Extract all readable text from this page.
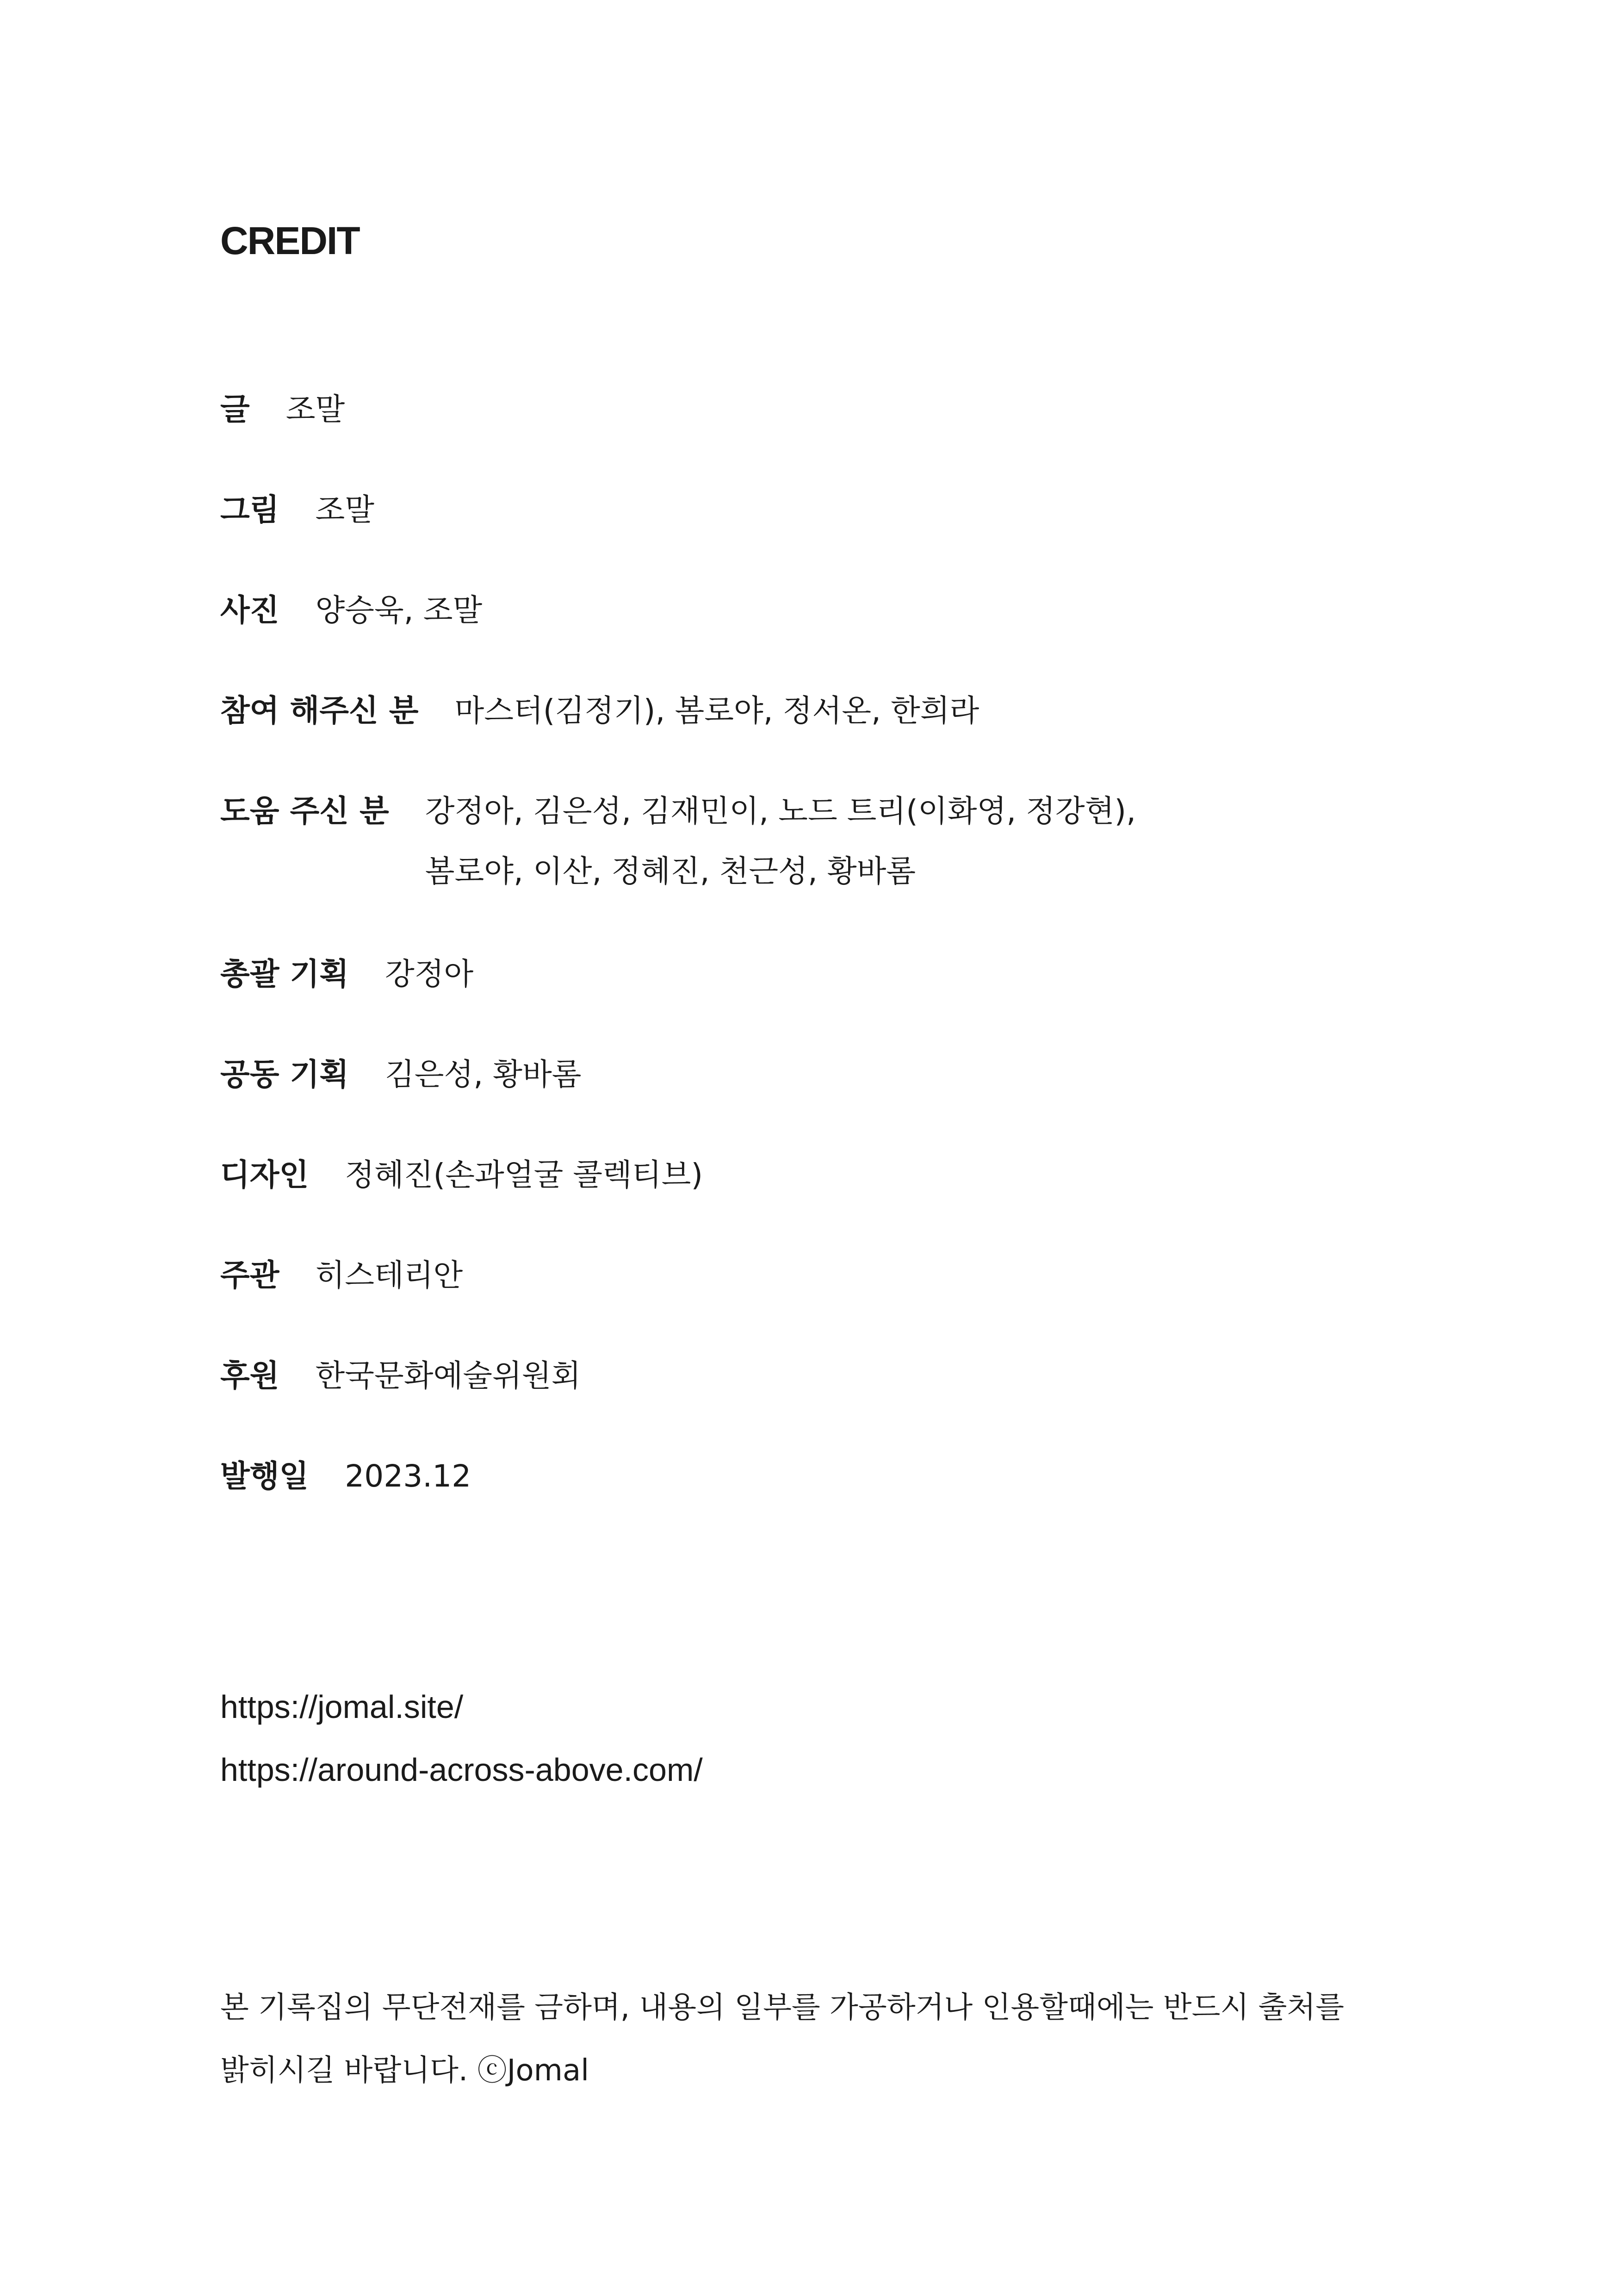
CREDIT
글 조말
그림 조말
사진 양승욱, 조말
참여 해주신 분 마스터(김정기), 봄로야, 정서온, 한희라
도움 주신 분 강정아, 김은성, 김재민이, 노드 트리(이화영, 정강현),
봄로야, 이산, 정혜진, 천근성, 황바롬
총괄 기획 강정아
공동 기획 김은성, 황바롬
디자인 정혜진(손과얼굴 콜렉티브)
주관 히스테리안
후원 한국문화예술위원회
발행일 2023.12
https://jomal.site/
https://around-across-above.com/
본 기록집의 무단전재를 금하며, 내용의 일부를 가공하거나 인용할때에는 반드시 출처를
밝히시길 바랍니다. ⓒJomal
